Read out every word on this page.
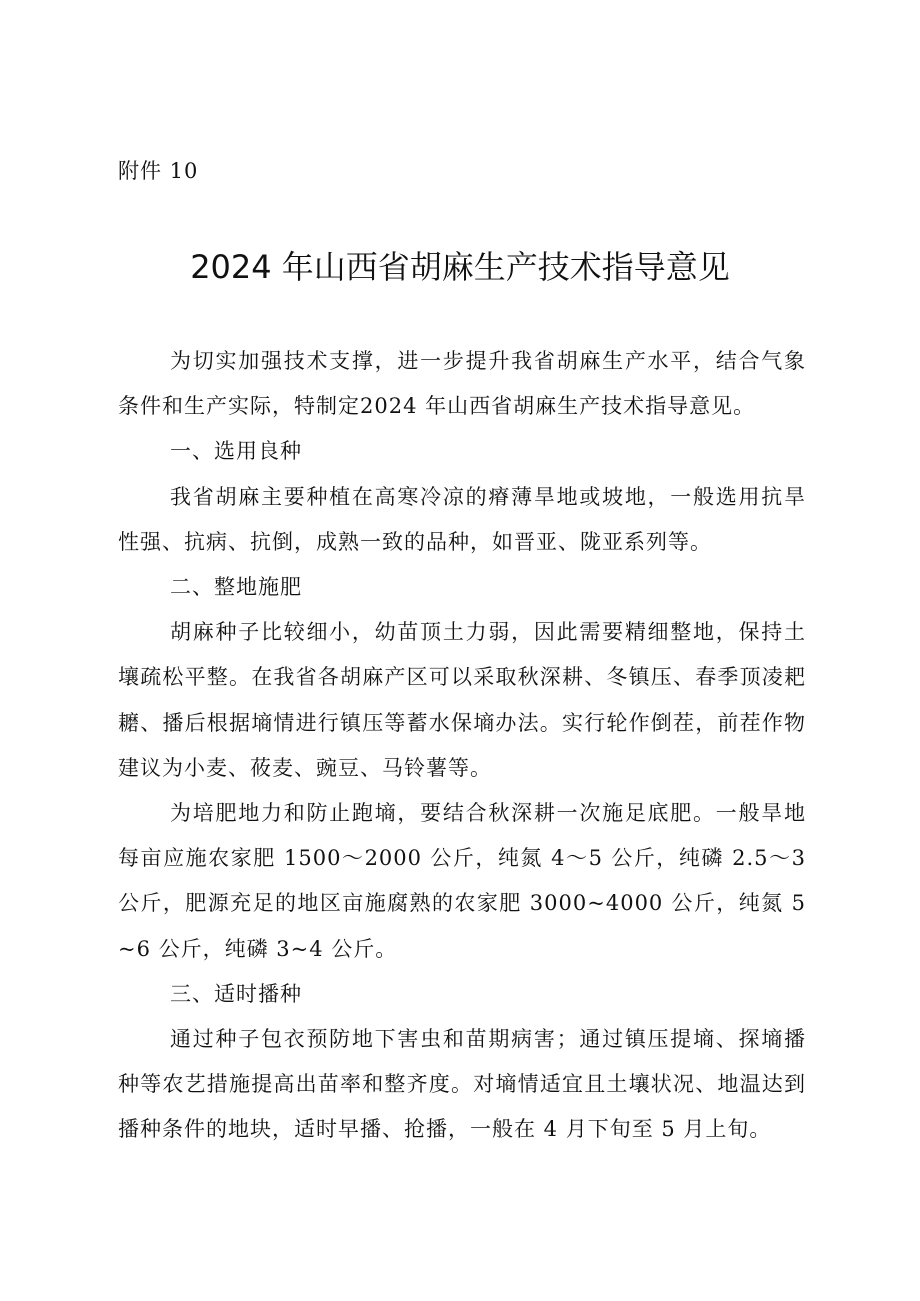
附件 10
2024 年山西省胡麻生产技术指导意见

为切实加强技术支撑，进一步提升我省胡麻生产水平，结合气象条件和生产实际，特制定2024 年山西省胡麻生产技术指导意见。

一、选用良种

我省胡麻主要种植在高寒冷凉的瘠薄旱地或坡地，一般选用抗旱性强、抗病、抗倒，成熟一致的品种，如晋亚、陇亚系列等。

二、整地施肥

胡麻种子比较细小，幼苗顶土力弱，因此需要精细整地，保持土壤疏松平整。在我省各胡麻产区可以采取秋深耕、冬镇压、春季顶凌耙耱、播后根据墒情进行镇压等蓄水保墒办法。实行轮作倒茬，前茬作物建议为小麦、莜麦、豌豆、马铃薯等。

为培肥地力和防止跑墒，要结合秋深耕一次施足底肥。一般旱地每亩应施农家肥 1500～2000 公斤，纯氮 4～5 公斤，纯磷 2.5～3 公斤，肥源充足的地区亩施腐熟的农家肥 3000~4000 公斤，纯氮 5~6 公斤，纯磷 3~4 公斤。

三、适时播种

通过种子包衣预防地下害虫和苗期病害；通过镇压提墒、探墒播种等农艺措施提高出苗率和整齐度。对墒情适宜且土壤状况、地温达到播种条件的地块，适时早播、抢播，一般在 4 月下旬至 5 月上旬。
